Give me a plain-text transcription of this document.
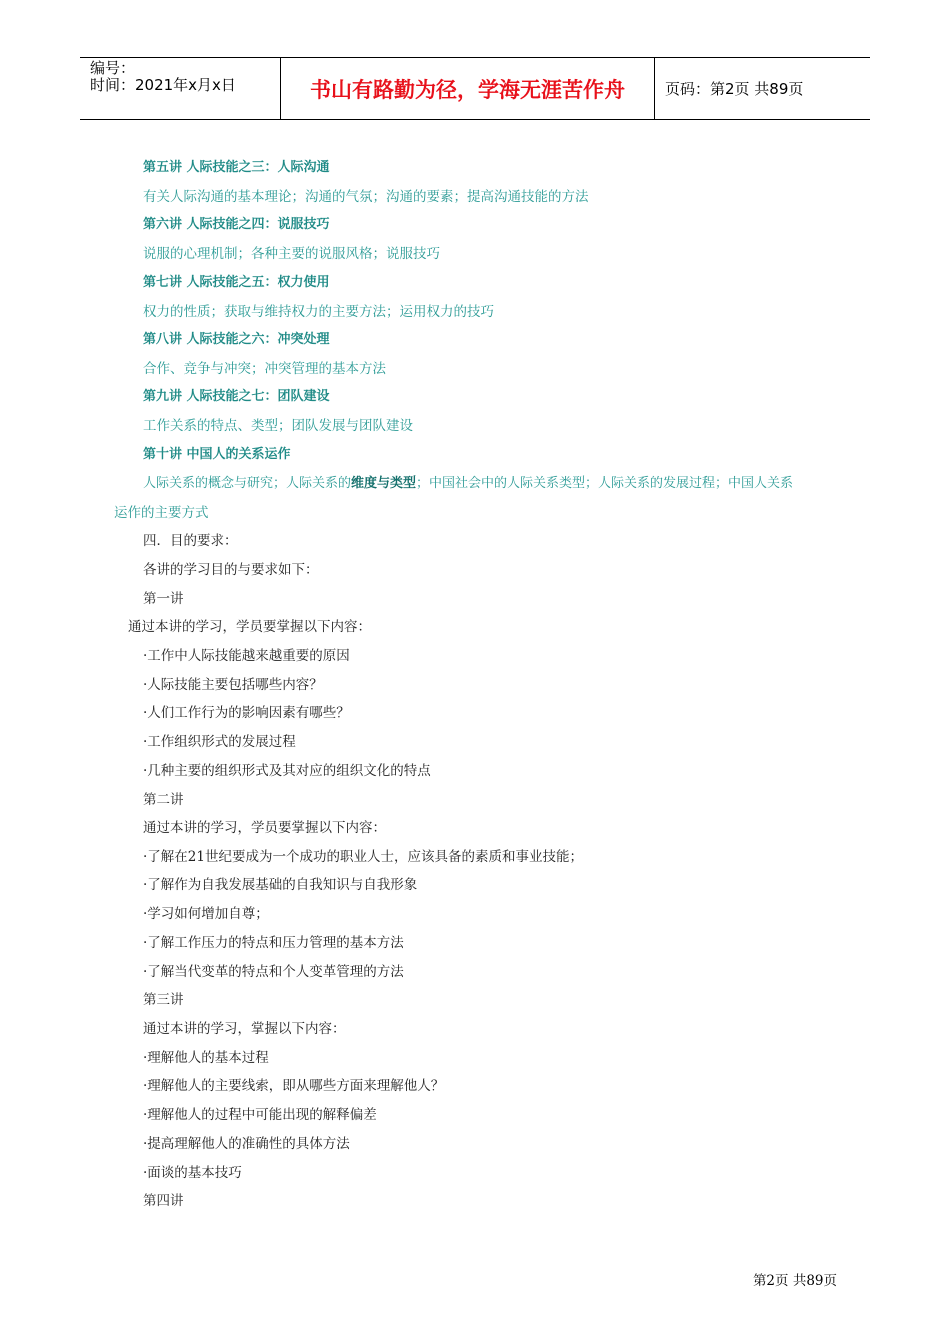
编号：
时间：2021年x月x日	书山有路勤为径，学海无涯苦作舟	页码：第2页 共89页
第五讲 人际技能之三：人际沟通
有关人际沟通的基本理论；沟通的气氛；沟通的要素；提高沟通技能的方法
第六讲 人际技能之四：说服技巧
说服的心理机制；各种主要的说服风格；说服技巧
第七讲 人际技能之五：权力使用
权力的性质；获取与维持权力的主要方法；运用权力的技巧
第八讲 人际技能之六：冲突处理
合作、竞争与冲突；冲突管理的基本方法
第九讲 人际技能之七：团队建设
工作关系的特点、类型；团队发展与团队建设
第十讲 中国人的关系运作
人际关系的概念与研究；人际关系的维度与类型；中国社会中的人际关系类型；人际关系的发展过程；中国人关系
运作的主要方式
四．目的要求：
各讲的学习目的与要求如下：
第一讲
通过本讲的学习，学员要掌握以下内容：
·工作中人际技能越来越重要的原因
·人际技能主要包括哪些内容？
·人们工作行为的影响因素有哪些？
·工作组织形式的发展过程
·几种主要的组织形式及其对应的组织文化的特点
第二讲
通过本讲的学习，学员要掌握以下内容：
·了解在21世纪要成为一个成功的职业人士，应该具备的素质和事业技能；
·了解作为自我发展基础的自我知识与自我形象
·学习如何增加自尊；
·了解工作压力的特点和压力管理的基本方法
·了解当代变革的特点和个人变革管理的方法
第三讲
通过本讲的学习，掌握以下内容：
·理解他人的基本过程
·理解他人的主要线索，即从哪些方面来理解他人？
·理解他人的过程中可能出现的解释偏差
·提高理解他人的准确性的具体方法
·面谈的基本技巧
第四讲
第2页 共89页
